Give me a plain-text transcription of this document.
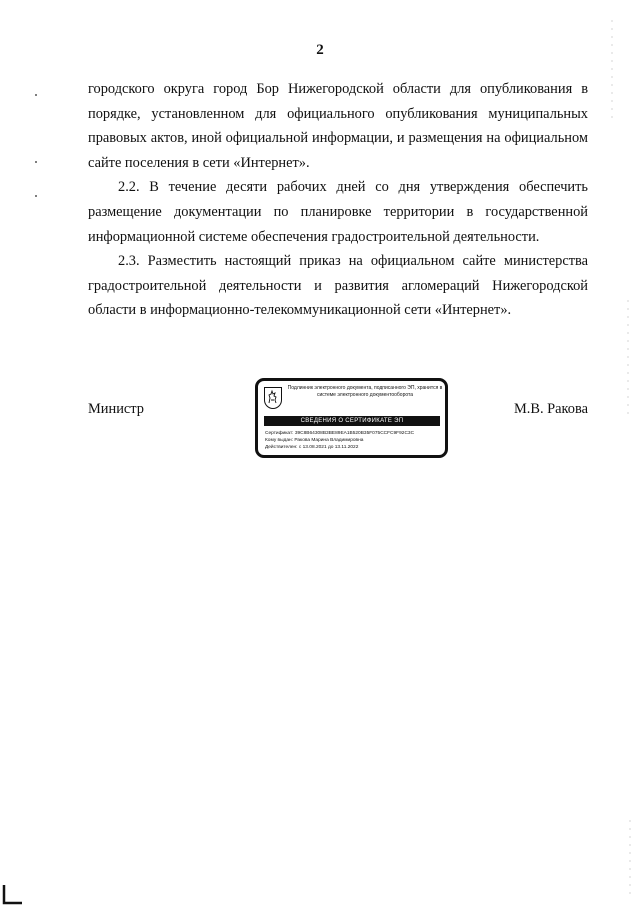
2

городского округа город Бор Нижегородской области для опубликования в порядке, установленном для официального опубликования муниципальных правовых актов, иной официальной информации, и размещения на официальном сайте поселения в сети «Интернет».

2.2. В течение десяти рабочих дней со дня утверждения обеспечить размещение документации по планировке территории в государственной информационной системе обеспечения градостроительной деятельности.

2.3. Разместить настоящий приказ на официальном сайте министерства градостроительной деятельности и развития агломераций Нижегородской области в информационно-телекоммуникационной сети «Интернет».

Министр	М.В. Ракова
Подлинник электронного документа, подписанного ЭП, хранится в системе электронного документооборота
СВЕДЕНИЯ О СЕРТИФИКАТЕ ЭП
Сертификат: 39C8B64308B3BE89EA1B520B35F075CCFC9F92C3C
Кому выдан: Ракова Марина Владимировна
Действителен: с 13.08.2021 до 13.11.2022
